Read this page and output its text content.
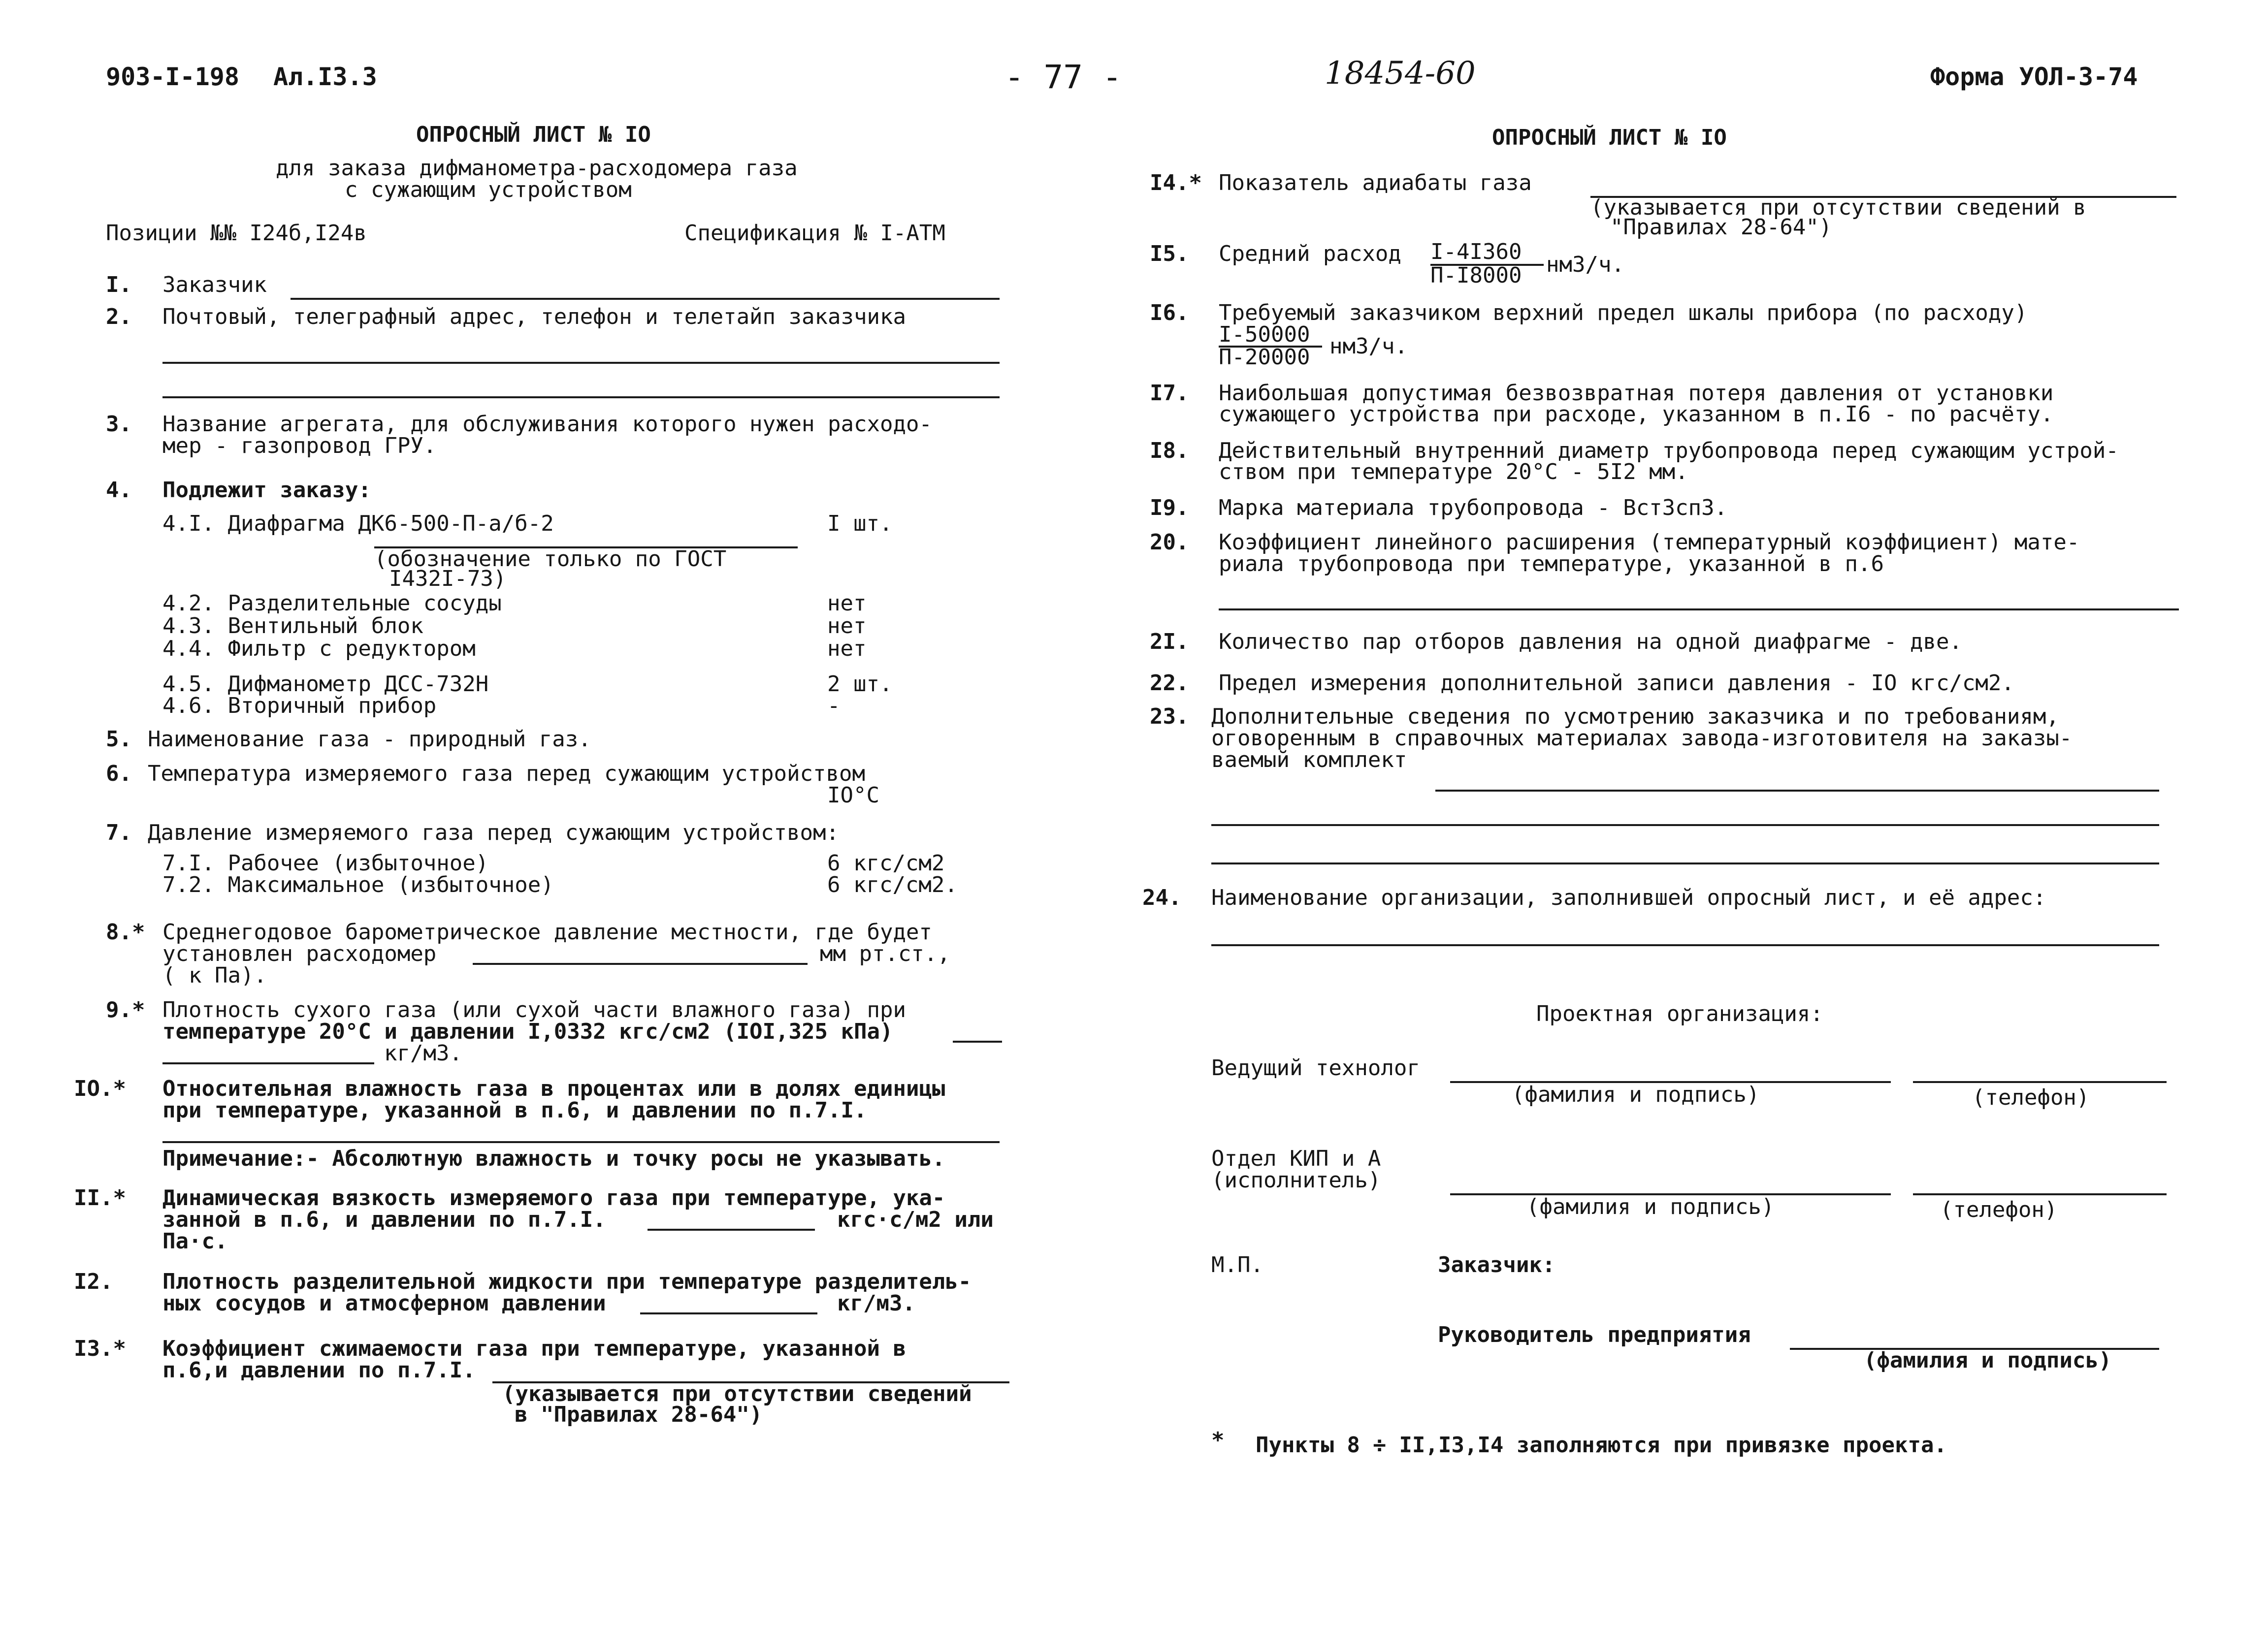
903-I-198 Ал.I3.3	- 77 -	18454-60	Форма УОЛ-3-74
ОПРОСНЫЙ ЛИСТ № IO
для заказа дифманометра-расходомера газа
с сужающим устройством
Позиции №№ I24б,I24в	Спецификация № I-АТМ
I. Заказчик
2. Почтовый, телеграфный адрес, телефон и телетайп заказчика
3. Название агрегата, для обслуживания которого нужен расходо-
мер - газопровод ГРУ.
4. Подлежит заказу:
4.I. Диафрагма ДК6-500-П-а/б-2	I шт.
(обозначение только по ГОСТ
I432I-73)
4.2. Разделительные сосуды	нет
4.3. Вентильный блок	нет
4.4. Фильтр с редуктором	нет
4.5. Дифманометр ДСС-732Н	2 шт.
4.6. Вторичный прибор	-
5. Наименование газа - природный газ.
6. Температура измеряемого газа перед сужающим устройством
IO°C
7. Давление измеряемого газа перед сужающим устройством:
7.I. Рабочее (избыточное)	6 кгс/см2
7.2. Максимальное (избыточное)	6 кгс/см2.
8.* Среднегодовое барометрическое давление местности, где будет
установлен расходомер	мм рт.ст.,
( к Па).
9.* Плотность сухого газа (или сухой части влажного газа) при
температуре 20°С и давлении I,0332 кгс/см2 (IOI,325 кПа)
кг/м3.
IO.* Относительная влажность газа в процентах или в долях единицы
при температуре, указанной в п.6, и давлении по п.7.I.
Примечание:- Абсолютную влажность и точку росы не указывать.
II.* Динамическая вязкость измеряемого газа при температуре, ука-
занной в п.6, и давлении по п.7.I.	кгс·с/м2 или
Па·с.
I2. Плотность разделительной жидкости при температуре разделитель-
ных сосудов и атмосферном давлении	кг/м3.
I3.* Коэффициент сжимаемости газа при температуре, указанной в
п.6,и давлении по п.7.I.
(указывается при отсутствии сведений
в "Правилах 28-64")
ОПРОСНЫЙ ЛИСТ № IO
I4.* Показатель адиабаты газа
(указывается при отсутствии сведений в
"Правилах 28-64")
I5. Средний расход I-4I360
П-I8000 нм3/ч.
I6. Требуемый заказчиком верхний предел шкалы прибора (по расходу)
I-50000
П-20000 нм3/ч.
I7. Наибольшая допустимая безвозвратная потеря давления от установки
сужающего устройства при расходе, указанном в п.I6 - по расчёту.
I8. Действительный внутренний диаметр трубопровода перед сужающим устрой-
ством при температуре 20°С - 5I2 мм.
I9. Марка материала трубопровода - ВстЗсп3.
20. Коэффициент линейного расширения (температурный коэффициент) мате-
риала трубопровода при температуре, указанной в п.6
2I. Количество пар отборов давления на одной диафрагме - две.
22. Предел измерения дополнительной записи давления - IO кгс/см2.
23. Дополнительные сведения по усмотрению заказчика и по требованиям,
оговоренным в справочных материалах завода-изготовителя на заказы-
ваемый комплект
24. Наименование организации, заполнившей опросный лист, и её адрес:
Проектная организация:
Ведущий технолог
(фамилия и подпись)	(телефон)
Отдел КИП и А
(исполнитель)
(фамилия и подпись)	(телефон)
М.П.	Заказчик:
Руководитель предприятия
(фамилия и подпись)
* Пункты 8 ÷ II,I3,I4 заполняются при привязке проекта.
